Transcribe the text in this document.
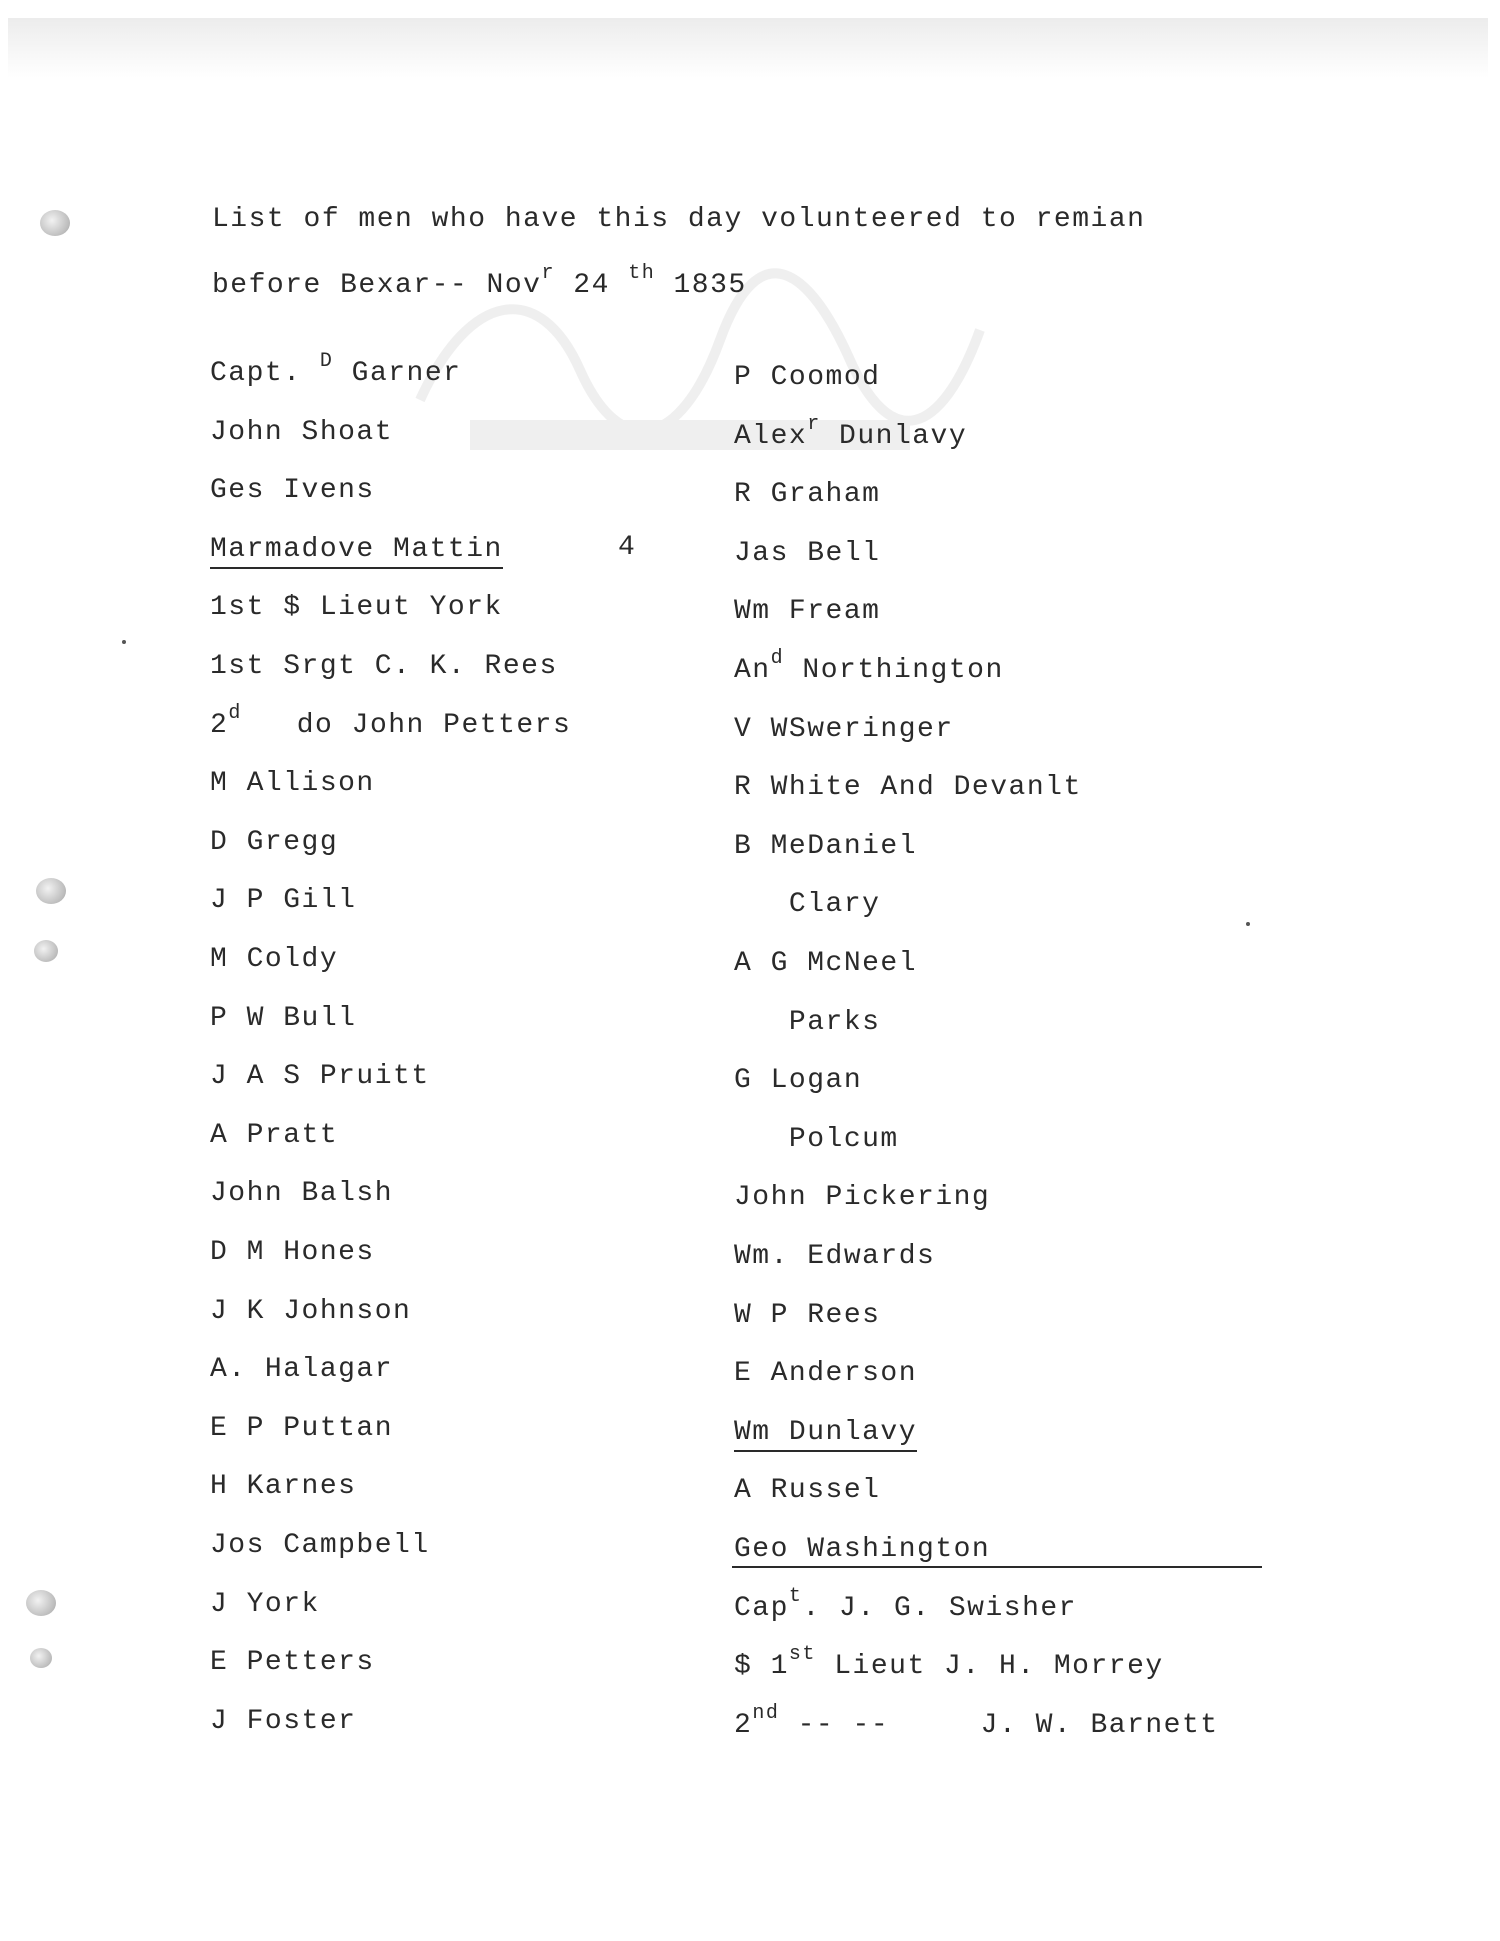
List of men who have this day volunteered to remian
before Bexar-- Nov$^r$ 24 $^{th}$ 1835
4
Capt. $^D$ Garner
John Shoat
Ges Ivens
Marmadove Mattin
1st $ Lieut York
1st Srgt C. K. Rees
2$^d$   do John Petters
M Allison
D Gregg
J P Gill
M Coldy
P W Bull
J A S Pruitt
A Pratt
John Balsh
D M Hones
J K Johnson
A. Halagar
E P Puttan
H Karnes
Jos Campbell
J York
E Petters
J Foster
P Coomod
Alex$^r$ Dunlavy
R Graham
Jas Bell
Wm Fream
An$^d$ Northington
V WSweringer
R White And Devanlt
B MeDaniel
Clary
A G McNeel
Parks
G Logan
Polcum
John Pickering
Wm. Edwards
W P Rees
E Anderson
Wm Dunlavy
A Russel
Geo Washington
Cap$^t$. J. G. Swisher
$ 1st Lieut J. H. Morrey
2nd -- --     J. W. Barnett
